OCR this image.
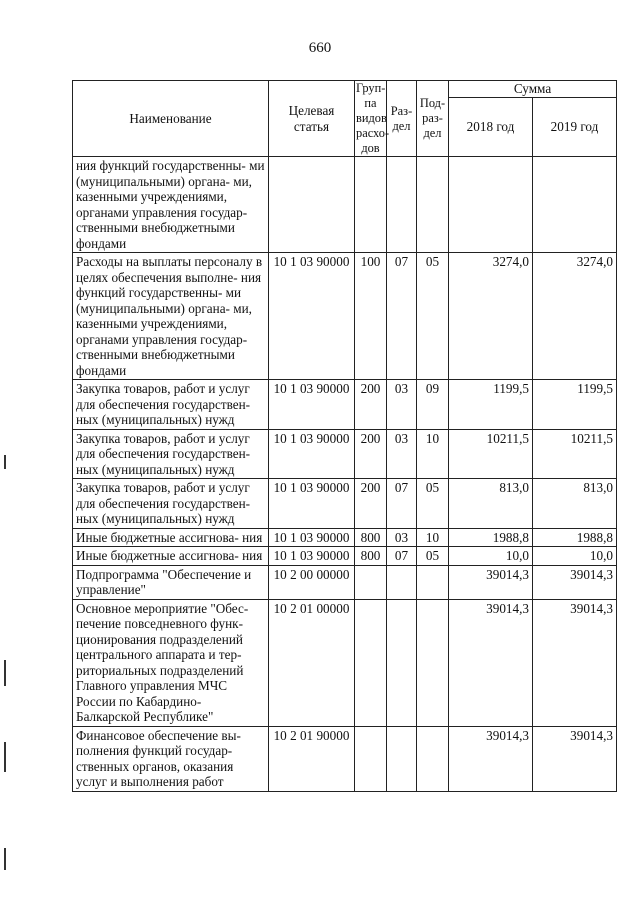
660
Наименование	Целевая статья	Груп- па видов расхо- дов	Раз- дел	Под- раз- дел	Сумма	
					2018 год	2019 год
ния функций государственны- ми (муниципальными) органа- ми, казенными учреждениями, органами управления государ- ственными внебюджетными фондами						
Расходы на выплаты персоналу в целях обеспечения выполне- ния функций государственны- ми (муниципальными) органа- ми, казенными учреждениями, органами управления государ- ственными внебюджетными фондами	10 1 03 90000	100	07	05	3274,0	3274,0
Закупка товаров, работ и услуг для обеспечения государствен- ных (муниципальных) нужд	10 1 03 90000	200	03	09	1199,5	1199,5
Закупка товаров, работ и услуг для обеспечения государствен- ных (муниципальных) нужд	10 1 03 90000	200	03	10	10211,5	10211,5
Закупка товаров, работ и услуг для обеспечения государствен- ных (муниципальных) нужд	10 1 03 90000	200	07	05	813,0	813,0
Иные бюджетные ассигнова- ния	10 1 03 90000	800	03	10	1988,8	1988,8
Иные бюджетные ассигнова- ния	10 1 03 90000	800	07	05	10,0	10,0
Подпрограмма "Обеспечение и управление"	10 2 00 00000				39014,3	39014,3
Основное мероприятие "Обес- печение повседневного функ- ционирования подразделений центрального аппарата и тер- риториальных подразделений Главного управления МЧС России по Кабардино- Балкарской Республике"	10 2 01 00000				39014,3	39014,3
Финансовое обеспечение вы- полнения функций государ- ственных органов, оказания услуг и выполнения работ	10 2 01 90000				39014,3	39014,3
